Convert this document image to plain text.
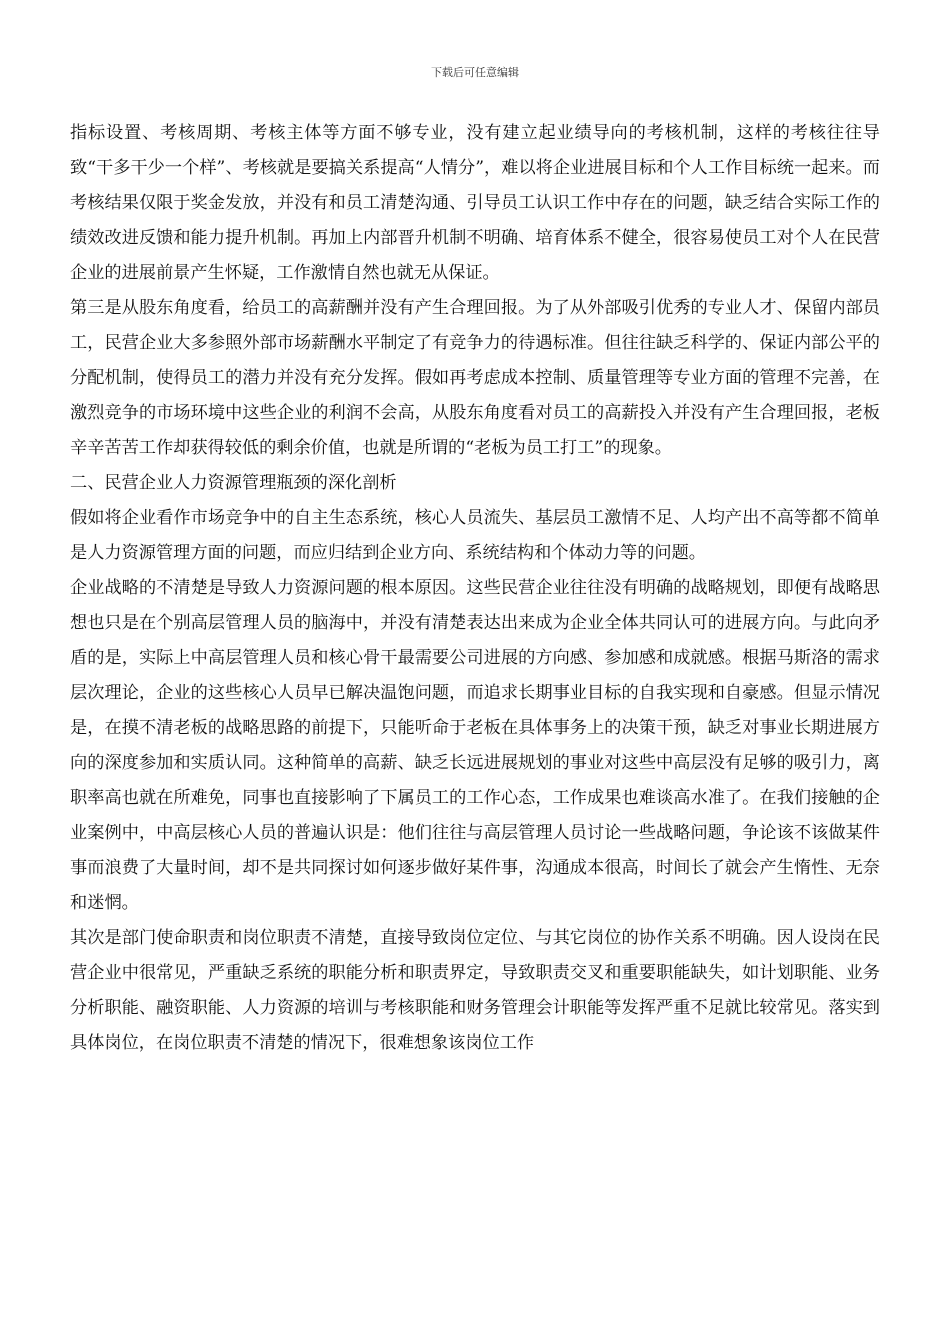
下载后可任意编辑

指标设置、考核周期、考核主体等方面不够专业，没有建立起业绩导向的考核机制，这样的考核往往导致“干多干少一个样”、考核就是要搞关系提高“人情分”，难以将企业进展目标和个人工作目标统一起来。而考核结果仅限于奖金发放，并没有和员工清楚沟通、引导员工认识工作中存在的问题，缺乏结合实际工作的绩效改进反馈和能力提升机制。再加上内部晋升机制不明确、培育体系不健全，很容易使员工对个人在民营企业的进展前景产生怀疑，工作激情自然也就无从保证。

第三是从股东角度看，给员工的高薪酬并没有产生合理回报。为了从外部吸引优秀的专业人才、保留内部员工，民营企业大多参照外部市场薪酬水平制定了有竞争力的待遇标准。但往往缺乏科学的、保证内部公平的分配机制，使得员工的潜力并没有充分发挥。假如再考虑成本控制、质量管理等专业方面的管理不完善，在激烈竞争的市场环境中这些企业的利润不会高，从股东角度看对员工的高薪投入并没有产生合理回报，老板辛辛苦苦工作却获得较低的剩余价值，也就是所谓的“老板为员工打工”的现象。

二、民营企业人力资源管理瓶颈的深化剖析

假如将企业看作市场竞争中的自主生态系统，核心人员流失、基层员工激情不足、人均产出不高等都不简单是人力资源管理方面的问题，而应归结到企业方向、系统结构和个体动力等的问题。

企业战略的不清楚是导致人力资源问题的根本原因。这些民营企业往往没有明确的战略规划，即便有战略思想也只是在个别高层管理人员的脑海中，并没有清楚表达出来成为企业全体共同认可的进展方向。与此向矛盾的是，实际上中高层管理人员和核心骨干最需要公司进展的方向感、参加感和成就感。根据马斯洛的需求层次理论，企业的这些核心人员早已解决温饱问题，而追求长期事业目标的自我实现和自豪感。但显示情况是，在摸不清老板的战略思路的前提下，只能听命于老板在具体事务上的决策干预，缺乏对事业长期进展方向的深度参加和实质认同。这种简单的高薪、缺乏长远进展规划的事业对这些中高层没有足够的吸引力，离职率高也就在所难免，同事也直接影响了下属员工的工作心态，工作成果也难谈高水准了。在我们接触的企业案例中，中高层核心人员的普遍认识是：他们往往与高层管理人员讨论一些战略问题，争论该不该做某件事而浪费了大量时间，却不是共同探讨如何逐步做好某件事，沟通成本很高，时间长了就会产生惰性、无奈和迷惘。

其次是部门使命职责和岗位职责不清楚，直接导致岗位定位、与其它岗位的协作关系不明确。因人设岗在民营企业中很常见，严重缺乏系统的职能分析和职责界定，导致职责交叉和重要职能缺失，如计划职能、业务分析职能、融资职能、人力资源的培训与考核职能和财务管理会计职能等发挥严重不足就比较常见。落实到具体岗位，在岗位职责不清楚的情况下，很难想象该岗位工作
